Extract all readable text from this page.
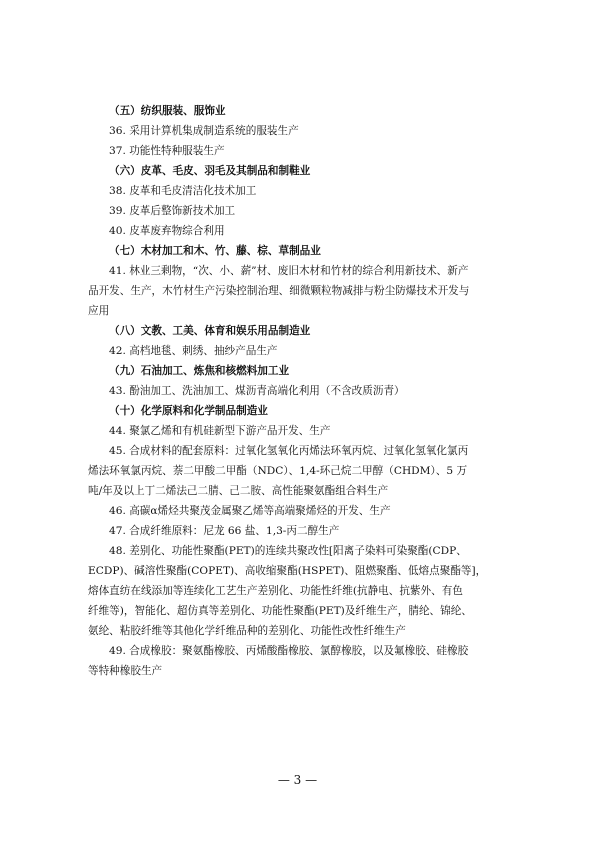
（五）纺织服装、服饰业
36. 采用计算机集成制造系统的服装生产
37. 功能性特种服装生产
（六）皮革、毛皮、羽毛及其制品和制鞋业
38. 皮革和毛皮清洁化技术加工
39. 皮革后整饰新技术加工
40. 皮革废弃物综合利用
（七）木材加工和木、竹、藤、棕、草制品业
41. 林业三剩物，“次、小、薪”材、废旧木材和竹材的综合利用新技术、新产
品开发、生产，木竹材生产污染控制治理、细微颗粒物减排与粉尘防爆技术开发与
应用
（八）文教、工美、体育和娱乐用品制造业
42. 高档地毯、刺绣、抽纱产品生产
（九）石油加工、炼焦和核燃料加工业
43. 酚油加工、洗油加工、煤沥青高端化利用（不含改质沥青）
（十）化学原料和化学制品制造业
44. 聚氯乙烯和有机硅新型下游产品开发、生产
45. 合成材料的配套原料：过氧化氢氧化丙烯法环氧丙烷、过氧化氢氧化氯丙
烯法环氧氯丙烷、萘二甲酸二甲酯（NDC）、1,4-环己烷二甲醇（CHDM）、5 万
吨/年及以上丁二烯法己二腈、己二胺、高性能聚氨酯组合料生产
46. 高碳α烯烃共聚茂金属聚乙烯等高端聚烯烃的开发、生产
47. 合成纤维原料：尼龙 66 盐、1,3-丙二醇生产
48. 差别化、功能性聚酯(PET)的连续共聚改性[阳离子染料可染聚酯(CDP、
ECDP)、碱溶性聚酯(COPET)、高收缩聚酯(HSPET)、阻燃聚酯、低熔点聚酯等]，
熔体直纺在线添加等连续化工艺生产差别化、功能性纤维(抗静电、抗紫外、有色
纤维等)，智能化、超仿真等差别化、功能性聚酯(PET)及纤维生产，腈纶、锦纶、
氨纶、粘胶纤维等其他化学纤维品种的差别化、功能性改性纤维生产
49. 合成橡胶：聚氨酯橡胶、丙烯酸酯橡胶、氯醇橡胶，以及氟橡胶、硅橡胶
等特种橡胶生产
— 3 —
